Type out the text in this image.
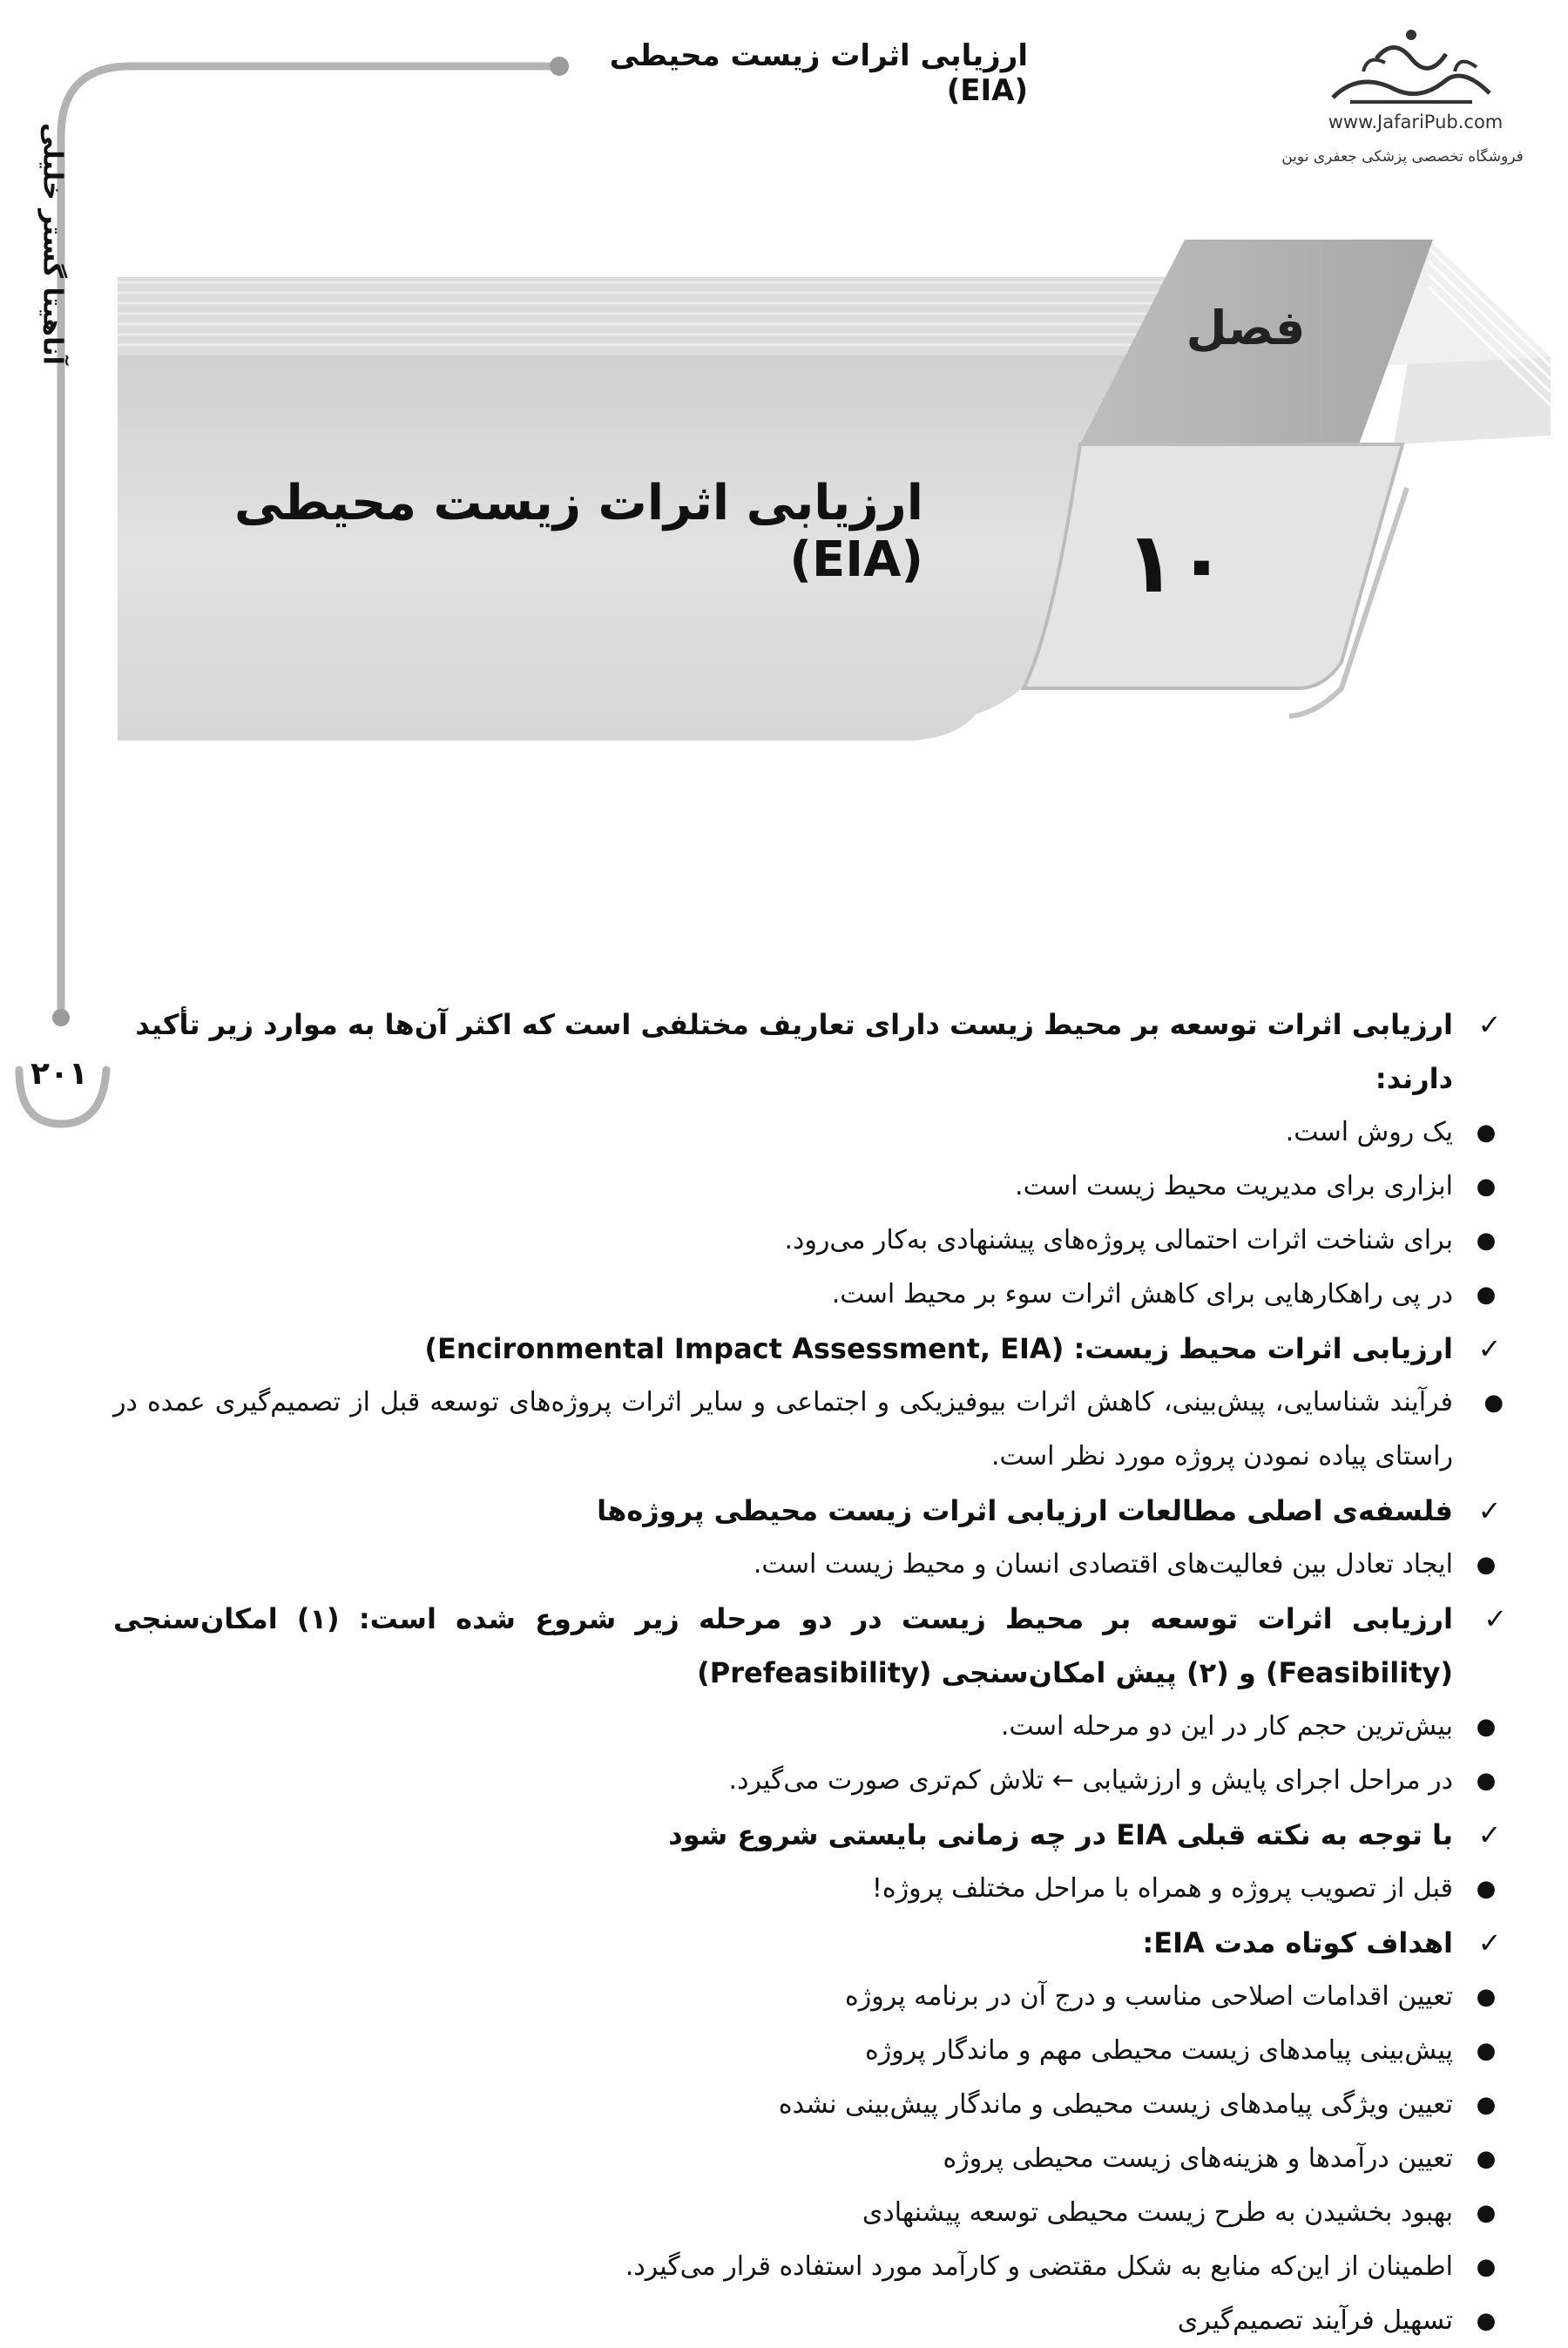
ارزیابی اثرات زیست محیطی (EIA)
آناهیتا گستر خلیلی
۲۰۱
www.JafariPub.com
فروشگاه تخصصی پزشکی جعفری نوین
فصل
۱۰
ارزیابی اثرات زیست محیطی (EIA)
✓
ارزیابی اثرات توسعه بر محیط زیست دارای تعاریف مختلفی است که اکثر آن‌ها به موارد زیر تأکید دارند:
●
یک روش است.
●
ابزاری برای مدیریت محیط زیست است.
●
برای شناخت اثرات احتمالی پروژه‌های پیشنهادی به‌کار می‌رود.
●
در پی راهکارهایی برای کاهش اثرات سوء بر محیط است.
✓
ارزیابی اثرات محیط زیست: (Encironmental Impact Assessment, EIA)
●
فرآیند شناسایی، پیش‌بینی، کاهش اثرات بیوفیزیکی و اجتماعی و سایر اثرات پروژه‌های توسعه قبل از تصمیم‌گیری عمده در راستای پیاده نمودن پروژه مورد نظر است.
✓
فلسفه‌ی اصلی مطالعات ارزیابی اثرات زیست محیطی پروژه‌ها
●
ایجاد تعادل بین فعالیت‌های اقتصادی انسان و محیط زیست است.
✓
ارزیابی اثرات توسعه بر محیط زیست در دو مرحله زیر شروع شده است: (۱) امکان‌سنجی (Feasibility) و (۲) پیش امکان‌سنجی (Prefeasibility)
●
بیش‌ترین حجم کار در این دو مرحله است.
●
در مراحل اجرای پایش و ارزشیابی ← تلاش کم‌تری صورت می‌گیرد.
✓
با توجه به نکته قبلی EIA در چه زمانی بایستی شروع شود
●
قبل از تصویب پروژه و همراه با مراحل مختلف پروژه!
✓
اهداف کوتاه مدت EIA:
●
تعیین اقدامات اصلاحی مناسب و درج آن در برنامه پروژه
●
پیش‌بینی پیامدهای زیست محیطی مهم و ماندگار پروژه
●
تعیین ویژگی پیامدهای زیست محیطی و ماندگار پیش‌بینی نشده
●
تعیین درآمدها و هزینه‌های زیست محیطی پروژه
●
بهبود بخشیدن به طرح زیست محیطی توسعه پیشنهادی
●
اطمینان از این‌که منابع به شکل مقتضی و کارآمد مورد استفاده قرار می‌گیرد.
●
تسهیل فرآیند تصمیم‌گیری
